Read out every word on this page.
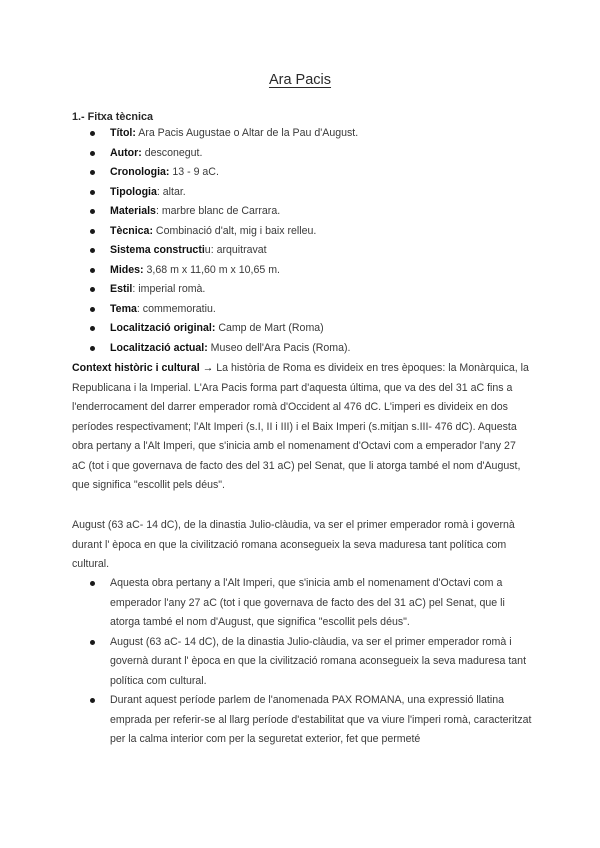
Ara Pacis
1.- Fitxa tècnica
Títol: Ara Pacis Augustae o Altar de la Pau d'August.
Autor: desconegut.
Cronologia: 13 - 9 aC.
Tipologia: altar.
Materials: marbre blanc de Carrara.
Tècnica: Combinació d'alt, mig i baix relleu.
Sistema constructiu: arquitravat
Mides: 3,68 m x 11,60 m x 10,65 m.
Estil: imperial romà.
Tema: commemoratiu.
Localització original: Camp de Mart (Roma)
Localització actual: Museo dell'Ara Pacis (Roma).
Context històric i cultural → La història de Roma es divideix en tres èpoques: la Monàrquica, la Republicana i la Imperial. L'Ara Pacis forma part d'aquesta última, que va des del 31 aC fins a l'enderrocament del darrer emperador romà d'Occident al 476 dC. L'imperi es divideix en dos períodes respectivament; l'Alt Imperi (s.I, II i III) i el Baix Imperi (s.mitjan s.III- 476 dC). Aquesta obra pertany a l'Alt Imperi, que s'inicia amb el nomenament d'Octavi com a emperador l'any 27 aC (tot i que governava de facto des del 31 aC) pel Senat, que li atorga també el nom d'August, que significa "escollit pels déus".
August (63 aC- 14 dC), de la dinastia Julio-clàudia, va ser el primer emperador romà i governà durant l' època en que la civilització romana aconsegueix la seva maduresa tant política com cultural.
Aquesta obra pertany a l'Alt Imperi, que s'inicia amb el nomenament d'Octavi com a emperador l'any 27 aC (tot i que governava de facto des del 31 aC) pel Senat, que li atorga també el nom d'August, que significa "escollit pels déus".
August (63 aC- 14 dC), de la dinastia Julio-clàudia, va ser el primer emperador romà i governà durant l' època en que la civilització romana aconsegueix la seva maduresa tant política com cultural.
Durant aquest període parlem de l'anomenada PAX ROMANA, una expressió llatina emprada per referir-se al llarg període d'estabilitat que va viure l'imperi romà, caracteritzat per la calma interior com per la seguretat exterior, fet que permeté
